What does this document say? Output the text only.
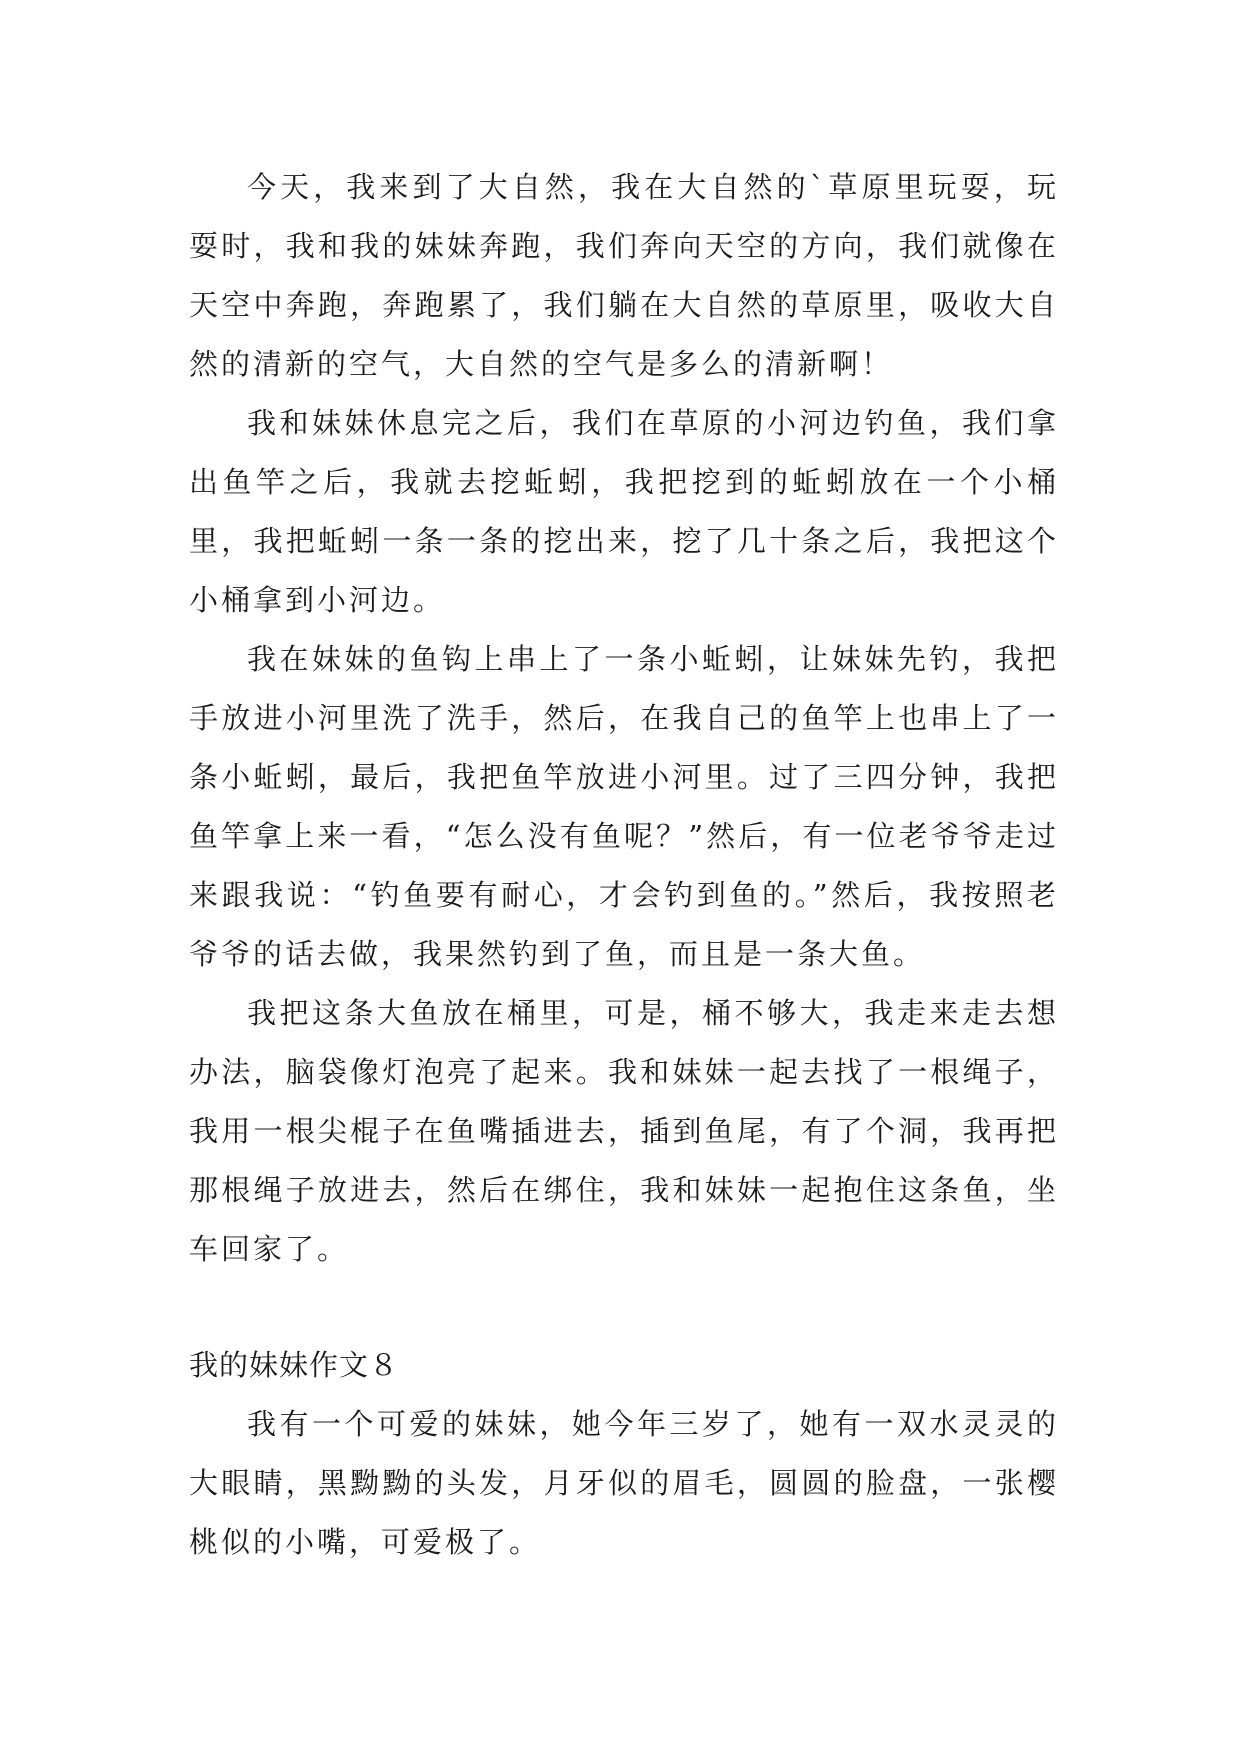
今天，我来到了大自然，我在大自然的`草原里玩耍，玩耍时，我和我的妹妹奔跑，我们奔向天空的方向，我们就像在天空中奔跑，奔跑累了，我们躺在大自然的草原里，吸收大自然的清新的空气，大自然的空气是多么的清新啊！

我和妹妹休息完之后，我们在草原的小河边钓鱼，我们拿出鱼竿之后，我就去挖蚯蚓，我把挖到的蚯蚓放在一个小桶里，我把蚯蚓一条一条的挖出来，挖了几十条之后，我把这个小桶拿到小河边。

我在妹妹的鱼钩上串上了一条小蚯蚓，让妹妹先钓，我把手放进小河里洗了洗手，然后，在我自己的鱼竿上也串上了一条小蚯蚓，最后，我把鱼竿放进小河里。过了三四分钟，我把鱼竿拿上来一看，“怎么没有鱼呢？”然后，有一位老爷爷走过来跟我说：“钓鱼要有耐心，才会钓到鱼的。”然后，我按照老爷爷的话去做，我果然钓到了鱼，而且是一条大鱼。

我把这条大鱼放在桶里，可是，桶不够大，我走来走去想办法，脑袋像灯泡亮了起来。我和妹妹一起去找了一根绳子，我用一根尖棍子在鱼嘴插进去，插到鱼尾，有了个洞，我再把那根绳子放进去，然后在绑住，我和妹妹一起抱住这条鱼，坐车回家了。

我的妹妹作文８

我有一个可爱的妹妹，她今年三岁了，她有一双水灵灵的大眼睛，黑黝黝的头发，月牙似的眉毛，圆圆的脸盘，一张樱桃似的小嘴，可爱极了。
